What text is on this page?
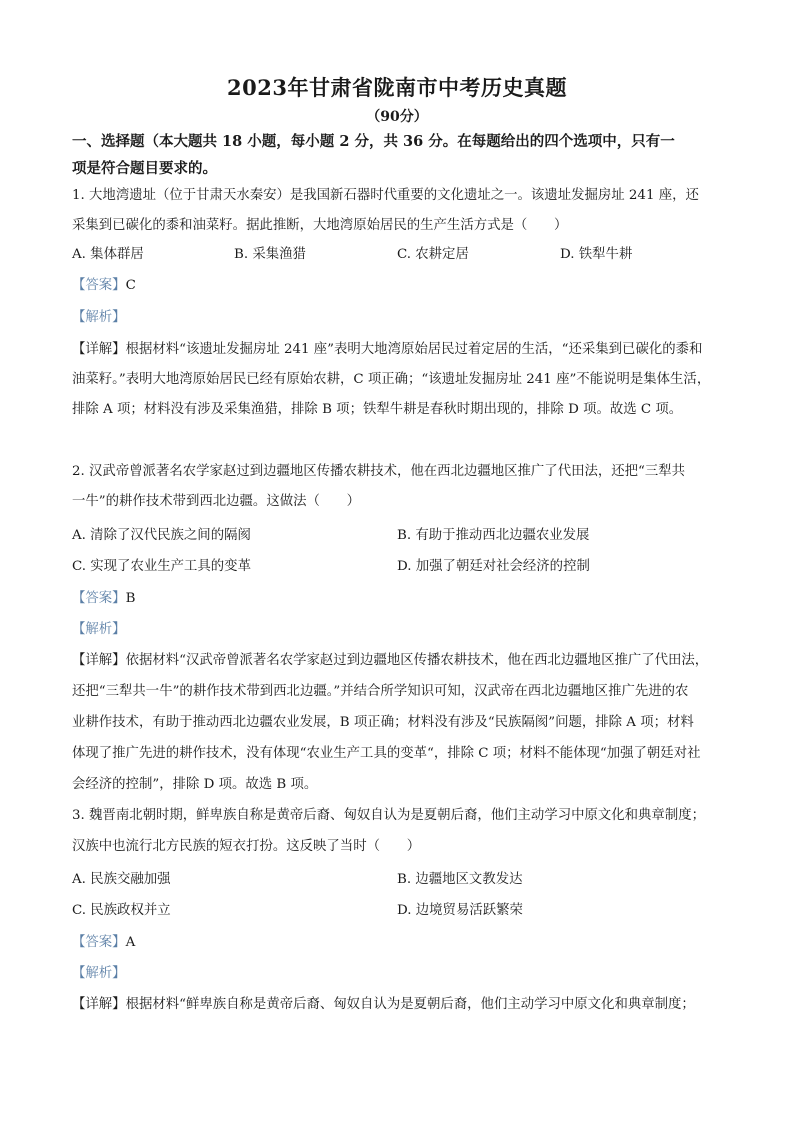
2023年甘肃省陇南市中考历史真题
（90分）
一、选择题（本大题共 18 小题，每小题 2 分，共 36 分。在每题给出的四个选项中，只有一
项是符合题目要求的。
1. 大地湾遗址（位于甘肃天水秦安）是我国新石器时代重要的文化遗址之一。该遗址发掘房址 241 座，还
采集到已碳化的黍和油菜籽。据此推断，大地湾原始居民的生产生活方式是（　　）
A. 集体群居	B. 采集渔猎	C. 农耕定居	D. 铁犁牛耕
【答案】C
【解析】
【详解】根据材料“该遗址发掘房址 241 座”表明大地湾原始居民过着定居的生活，“还采集到已碳化的黍和
油菜籽。”表明大地湾原始居民已经有原始农耕，C 项正确；“该遗址发掘房址 241 座”不能说明是集体生活，
排除 A 项；材料没有涉及采集渔猎，排除 B 项；铁犁牛耕是春秋时期出现的，排除 D 项。故选 C 项。
2. 汉武帝曾派著名农学家赵过到边疆地区传播农耕技术，他在西北边疆地区推广了代田法，还把“三犁共
一牛”的耕作技术带到西北边疆。这做法（　　）
A. 清除了汉代民族之间的隔阂	B. 有助于推动西北边疆农业发展
C. 实现了农业生产工具的变革	D. 加强了朝廷对社会经济的控制
【答案】B
【解析】
【详解】依据材料“汉武帝曾派著名农学家赵过到边疆地区传播农耕技术，他在西北边疆地区推广了代田法，
还把“三犁共一牛”的耕作技术带到西北边疆。”并结合所学知识可知，汉武帝在西北边疆地区推广先进的农
业耕作技术，有助于推动西北边疆农业发展，B 项正确；材料没有涉及“民族隔阂”问题，排除 A 项；材料
体现了推广先进的耕作技术，没有体现“农业生产工具的变革“，排除 C 项；材料不能体现“加强了朝廷对社
会经济的控制”，排除 D 项。故选 B 项。
3. 魏晋南北朝时期，鲜卑族自称是黄帝后裔、匈奴自认为是夏朝后裔，他们主动学习中原文化和典章制度；
汉族中也流行北方民族的短衣打扮。这反映了当时（　　）
A. 民族交融加强	B. 边疆地区文教发达
C. 民族政权并立	D. 边境贸易活跃繁荣
【答案】A
【解析】
【详解】根据材料“鲜卑族自称是黄帝后裔、匈奴自认为是夏朝后裔，他们主动学习中原文化和典章制度；
